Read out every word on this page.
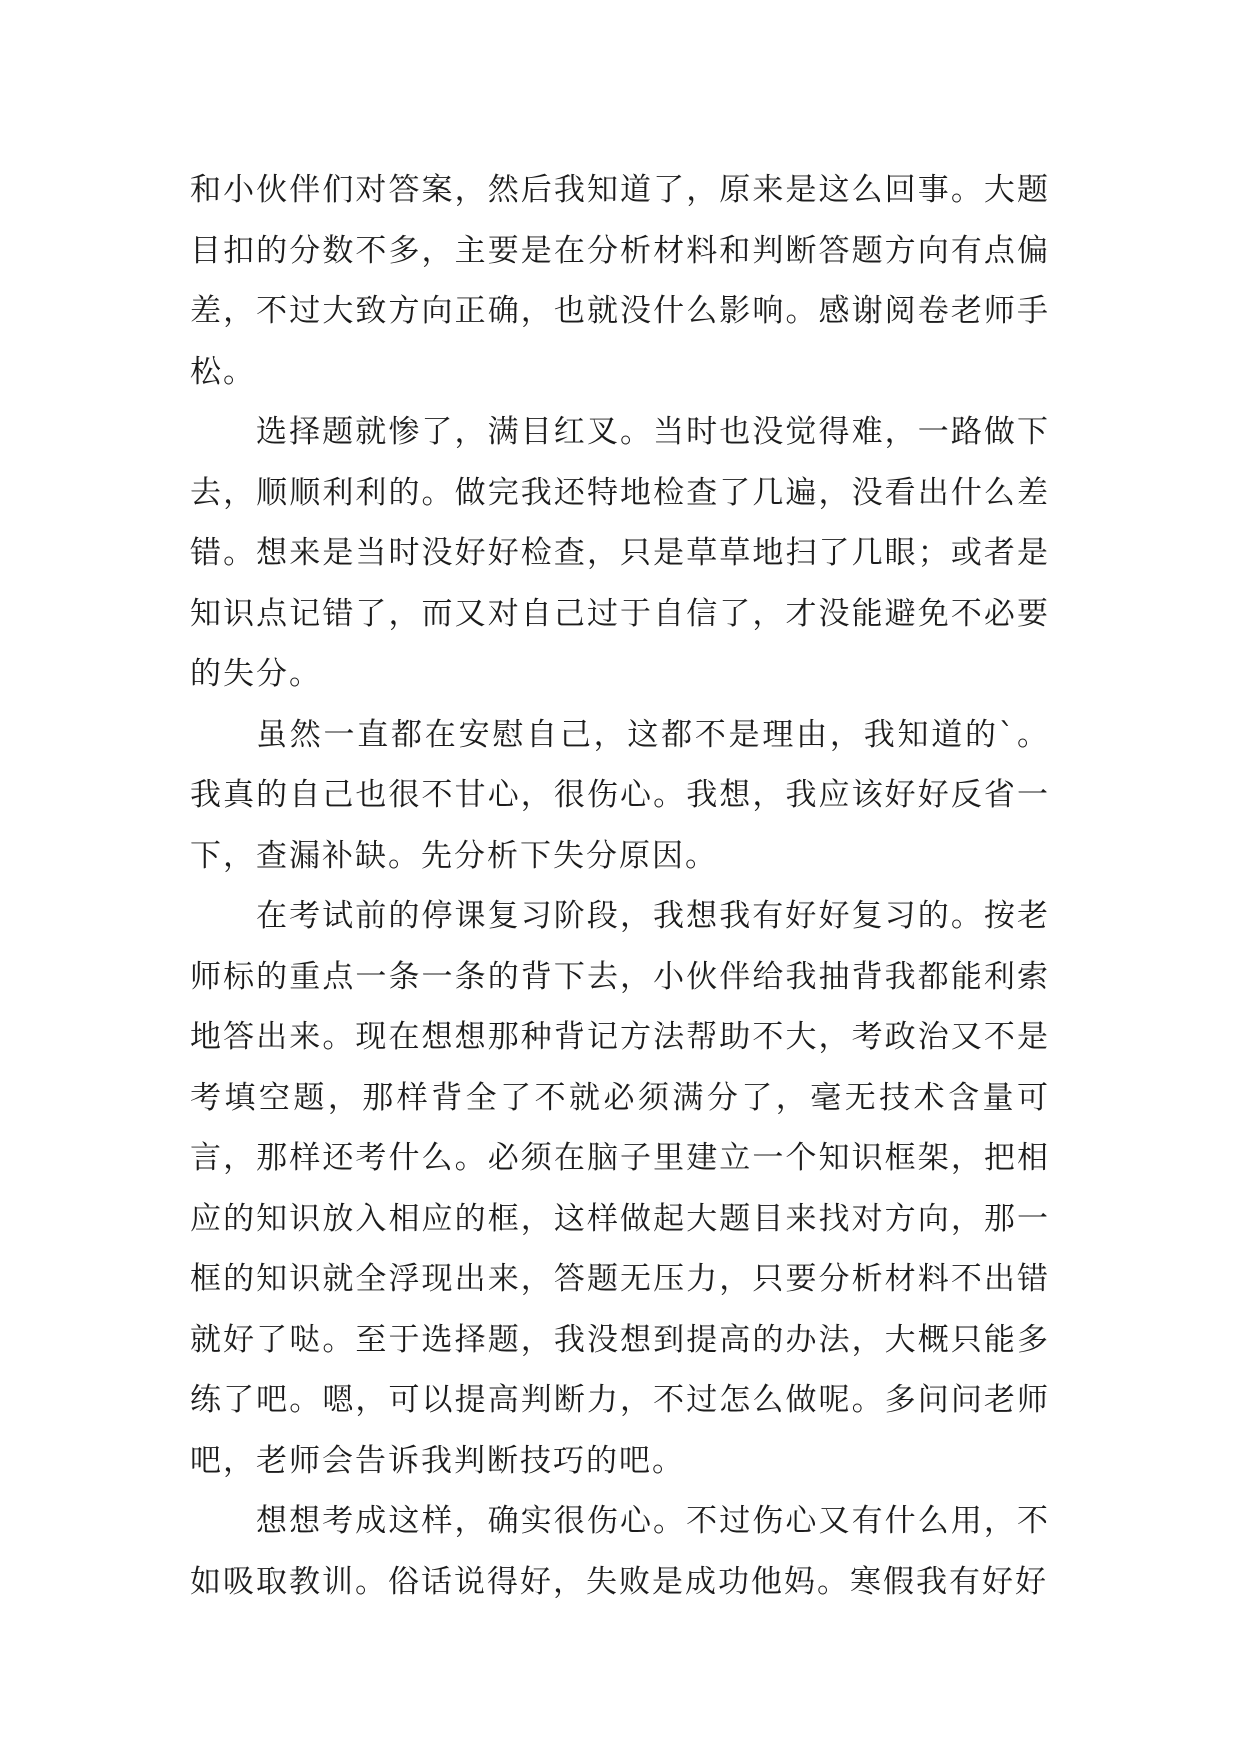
和小伙伴们对答案，然后我知道了，原来是这么回事。大题目扣的分数不多，主要是在分析材料和判断答题方向有点偏差，不过大致方向正确，也就没什么影响。感谢阅卷老师手松。

选择题就惨了，满目红叉。当时也没觉得难，一路做下去，顺顺利利的。做完我还特地检查了几遍，没看出什么差错。想来是当时没好好检查，只是草草地扫了几眼；或者是知识点记错了，而又对自己过于自信了，才没能避免不必要的失分。

虽然一直都在安慰自己，这都不是理由，我知道的`。我真的自己也很不甘心，很伤心。我想，我应该好好反省一下，查漏补缺。先分析下失分原因。

在考试前的停课复习阶段，我想我有好好复习的。按老师标的重点一条一条的背下去，小伙伴给我抽背我都能利索地答出来。现在想想那种背记方法帮助不大，考政治又不是考填空题，那样背全了不就必须满分了，毫无技术含量可言，那样还考什么。必须在脑子里建立一个知识框架，把相应的知识放入相应的框，这样做起大题目来找对方向，那一框的知识就全浮现出来，答题无压力，只要分析材料不出错就好了哒。至于选择题，我没想到提高的办法，大概只能多练了吧。嗯，可以提高判断力，不过怎么做呢。多问问老师吧，老师会告诉我判断技巧的吧。

想想考成这样，确实很伤心。不过伤心又有什么用，不如吸取教训。俗话说得好，失败是成功他妈。寒假我有好好
